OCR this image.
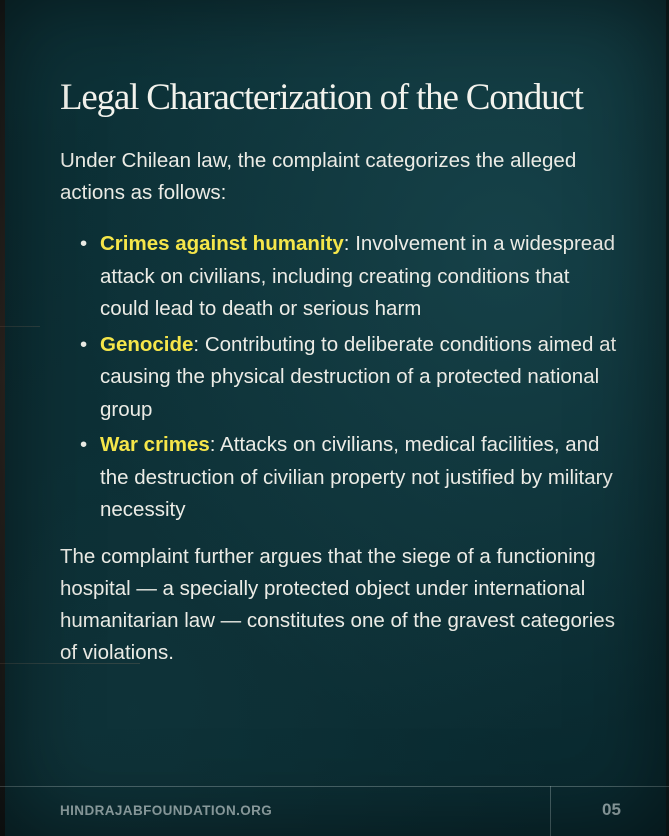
Legal Characterization of the Conduct

Under Chilean law, the complaint categorizes the alleged actions as follows:

• Crimes against humanity: Involvement in a widespread attack on civilians, including creating conditions that could lead to death or serious harm
• Genocide: Contributing to deliberate conditions aimed at causing the physical destruction of a protected national group
• War crimes: Attacks on civilians, medical facilities, and the destruction of civilian property not justified by military necessity

The complaint further argues that the siege of a functioning hospital — a specially protected object under international humanitarian law — constitutes one of the gravest categories of violations.

HINDRAJABFOUNDATION.ORG	05
